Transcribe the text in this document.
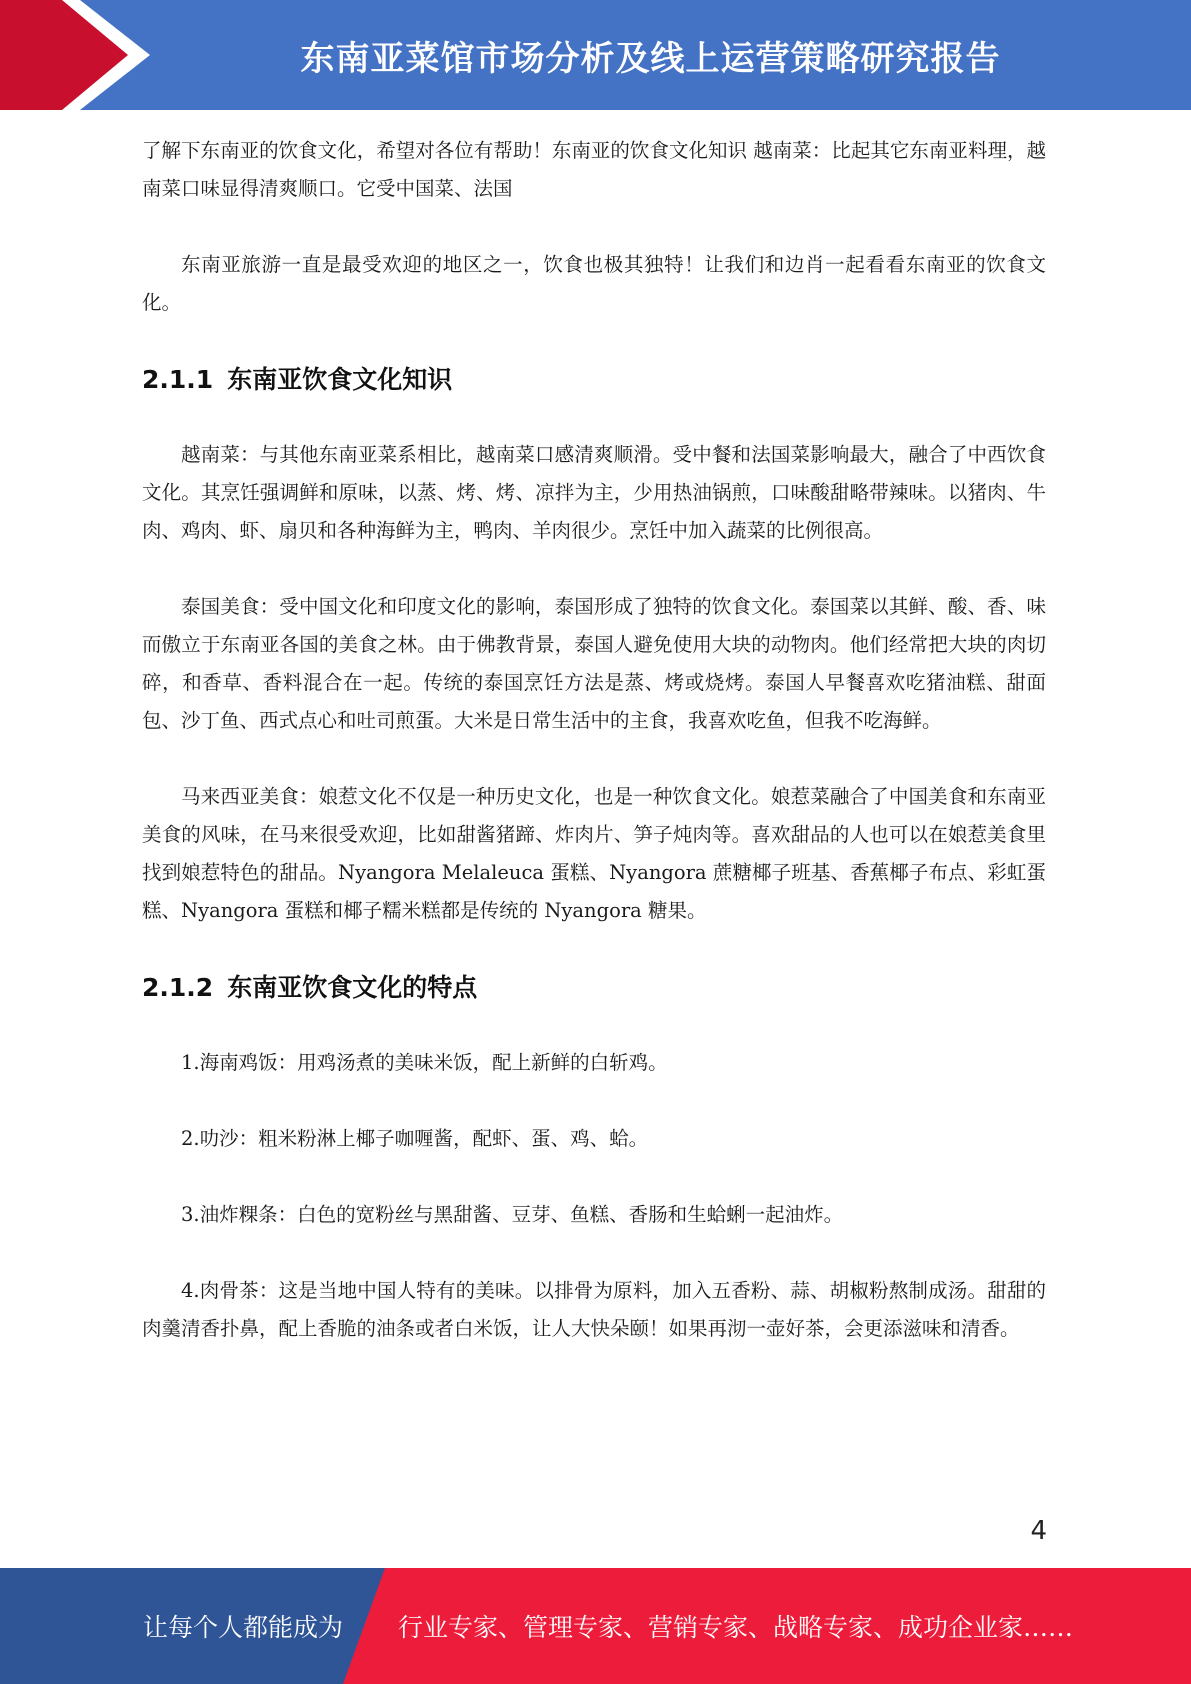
东南亚菜馆市场分析及线上运营策略研究报告

了解下东南亚的饮食文化，希望对各位有帮助！东南亚的饮食文化知识 越南菜：比起其它东南亚料理，越南菜口味显得清爽顺口。它受中国菜、法国

东南亚旅游一直是最受欢迎的地区之一，饮食也极其独特！让我们和边肖一起看看东南亚的饮食文化。

2.1.1 东南亚饮食文化知识

越南菜：与其他东南亚菜系相比，越南菜口感清爽顺滑。受中餐和法国菜影响最大，融合了中西饮食文化。其烹饪强调鲜和原味，以蒸、烤、烤、凉拌为主，少用热油锅煎，口味酸甜略带辣味。以猪肉、牛肉、鸡肉、虾、扇贝和各种海鲜为主，鸭肉、羊肉很少。烹饪中加入蔬菜的比例很高。

泰国美食：受中国文化和印度文化的影响，泰国形成了独特的饮食文化。泰国菜以其鲜、酸、香、味而傲立于东南亚各国的美食之林。由于佛教背景，泰国人避免使用大块的动物肉。他们经常把大块的肉切碎，和香草、香料混合在一起。传统的泰国烹饪方法是蒸、烤或烧烤。泰国人早餐喜欢吃猪油糕、甜面包、沙丁鱼、西式点心和吐司煎蛋。大米是日常生活中的主食，我喜欢吃鱼，但我不吃海鲜。

马来西亚美食：娘惹文化不仅是一种历史文化，也是一种饮食文化。娘惹菜融合了中国美食和东南亚美食的风味，在马来很受欢迎，比如甜酱猪蹄、炸肉片、笋子炖肉等。喜欢甜品的人也可以在娘惹美食里找到娘惹特色的甜品。Nyangora Melaleuca 蛋糕、Nyangora 蔗糖椰子班基、香蕉椰子布点、彩虹蛋糕、Nyangora 蛋糕和椰子糯米糕都是传统的 Nyangora 糖果。

2.1.2 东南亚饮食文化的特点

1.海南鸡饭：用鸡汤煮的美味米饭，配上新鲜的白斩鸡。

2.叻沙：粗米粉淋上椰子咖喱酱，配虾、蛋、鸡、蛤。

3.油炸粿条：白色的宽粉丝与黑甜酱、豆芽、鱼糕、香肠和生蛤蜊一起油炸。

4.肉骨茶：这是当地中国人特有的美味。以排骨为原料，加入五香粉、蒜、胡椒粉熬制成汤。甜甜的肉羹清香扑鼻，配上香脆的油条或者白米饭，让人大快朵颐！如果再沏一壶好茶，会更添滋味和清香。

4
让每个人都能成为 行业专家、管理专家、营销专家、战略专家、成功企业家……
